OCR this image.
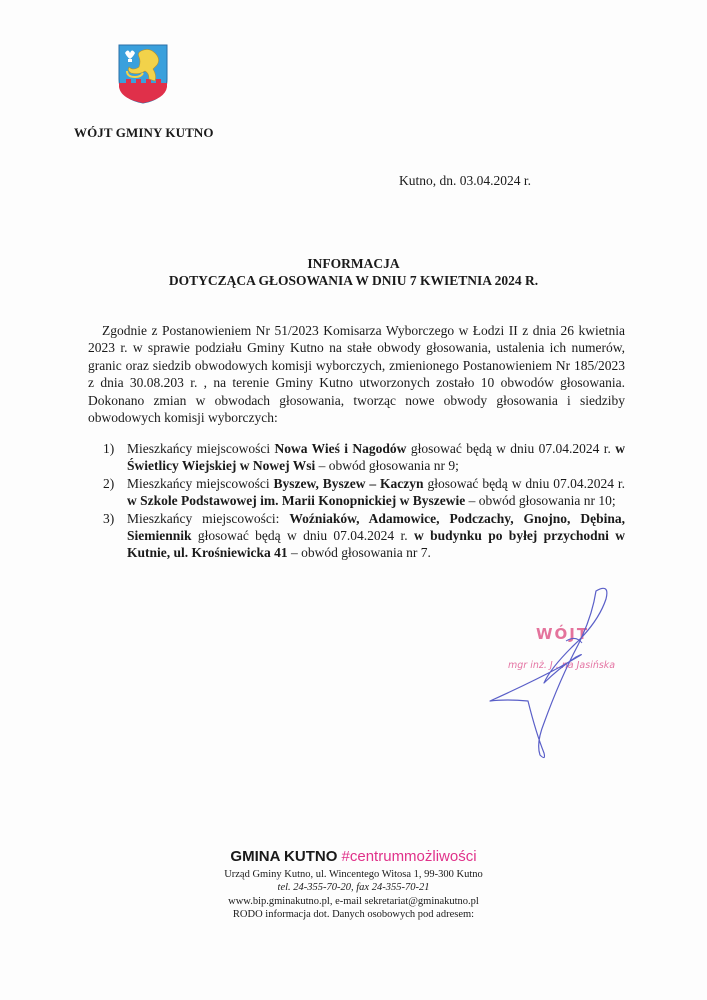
WÓJT GMINY KUTNO
Kutno, dn. 03.04.2024 r.
INFORMACJA
DOTYCZĄCA GŁOSOWANIA W DNIU 7 KWIETNIA 2024 R.

Zgodnie z Postanowieniem Nr 51/2023 Komisarza Wyborczego w Łodzi II z dnia 26 kwietnia 2023 r. w sprawie podziału Gminy Kutno na stałe obwody głosowania, ustalenia ich numerów, granic oraz siedzib obwodowych komisji wyborczych, zmienionego Postanowieniem Nr 185/2023 z dnia 30.08.203 r. , na terenie Gminy Kutno utworzonych zostało 10 obwodów głosowania. Dokonano zmian w obwodach głosowania, tworząc nowe obwody głosowania i siedziby obwodowych komisji wyborczych:

1) Mieszkańcy miejscowości Nowa Wieś i Nagodów głosować będą w dniu 07.04.2024 r. w Świetlicy Wiejskiej w Nowej Wsi – obwód głosowania nr 9;
2) Mieszkańcy miejscowości Byszew, Byszew – Kaczyn głosować będą w dniu 07.04.2024 r. w Szkole Podstawowej im. Marii Konopnickiej w Byszewie – obwód głosowania nr 10;
3) Mieszkańcy miejscowości: Woźniaków, Adamowice, Podczachy, Gnojno, Dębina, Siemiennik głosować będą w dniu 07.04.2024 r. w budynku po byłej przychodni w Kutnie, ul. Krośniewicka 41 – obwód głosowania nr 7.
WÓJT
mgr inż. J...na Jasińska
GMINA KUTNO #centrummożliwości
Urząd Gminy Kutno, ul. Wincentego Witosa 1, 99-300 Kutno
tel. 24-355-70-20, fax 24-355-70-21
www.bip.gminakutno.pl, e-mail sekretariat@gminakutno.pl
RODO informacja dot. Danych osobowych pod adresem:
